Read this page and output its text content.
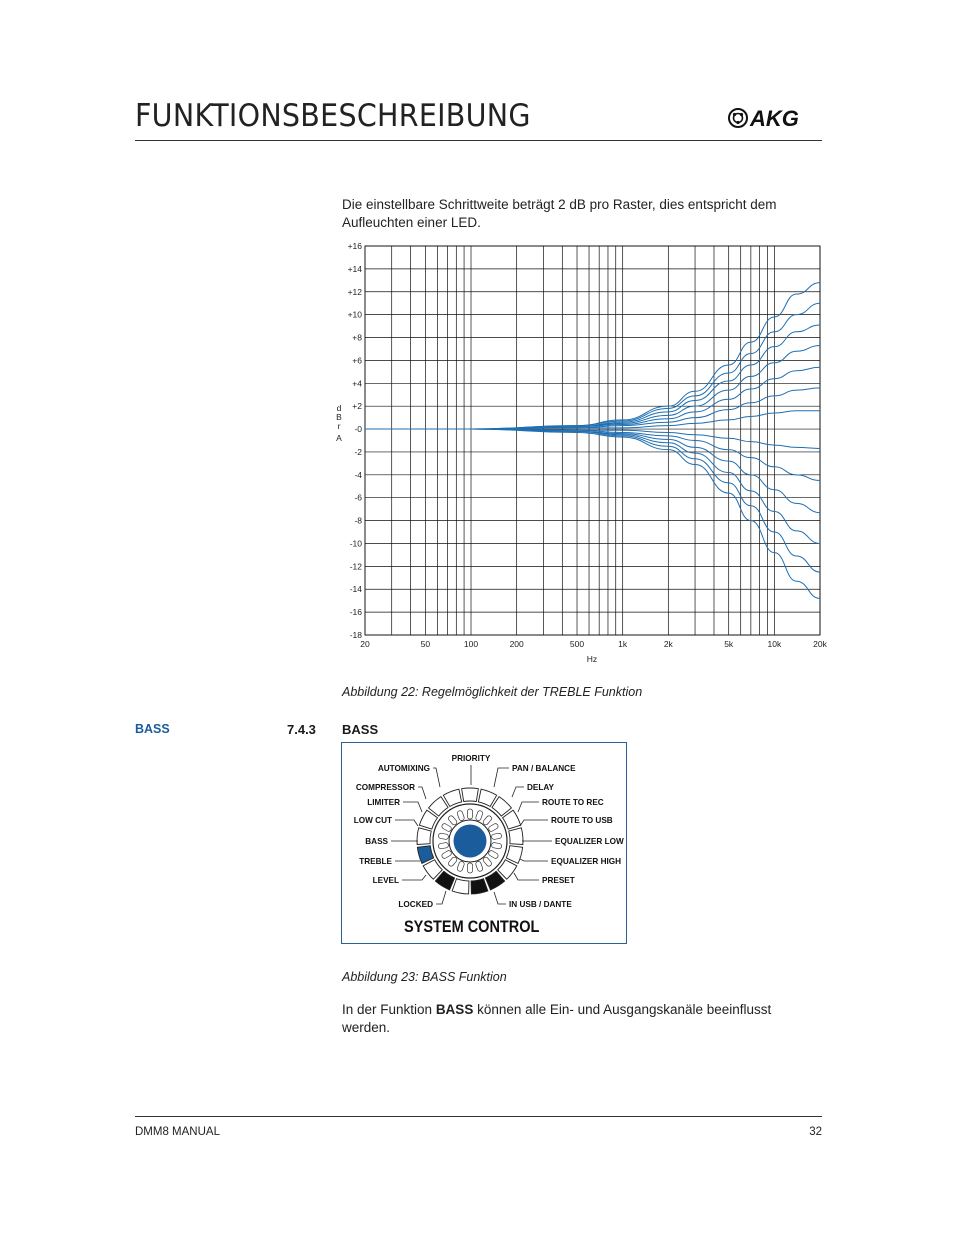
FUNKTIONSBESCHREIBUNG	AKG
Die einstellbare Schrittweite beträgt 2 dB pro Raster, dies entspricht dem Aufleuchten einer LED.
+16
+14
+12
+10
+8
+6
+4
+2
-0
-2
-4
-6
-8
-10
-12
-14
-16
-18
20	50	100	200	500	1k	2k	5k	10k	20k
d
B
r
A
Hz
Abbildung 22: Regelmöglichkeit der TREBLE Funktion
BASS	7.4.3 BASS
AUTOMIXING
COMPRESSOR
LIMITER
LOW CUT
BASS
TREBLE
LEVEL
LOCKED
PRIORITY
PAN / BALANCE
DELAY
ROUTE TO REC
ROUTE TO USB
EQUALIZER LOW
EQUALIZER HIGH
PRESET
IN USB / DANTE
SYSTEM CONTROL
Abbildung 23: BASS Funktion
In der Funktion BASS können alle Ein- und Ausgangskanäle beeinflusst werden.
DMM8 MANUAL	32
